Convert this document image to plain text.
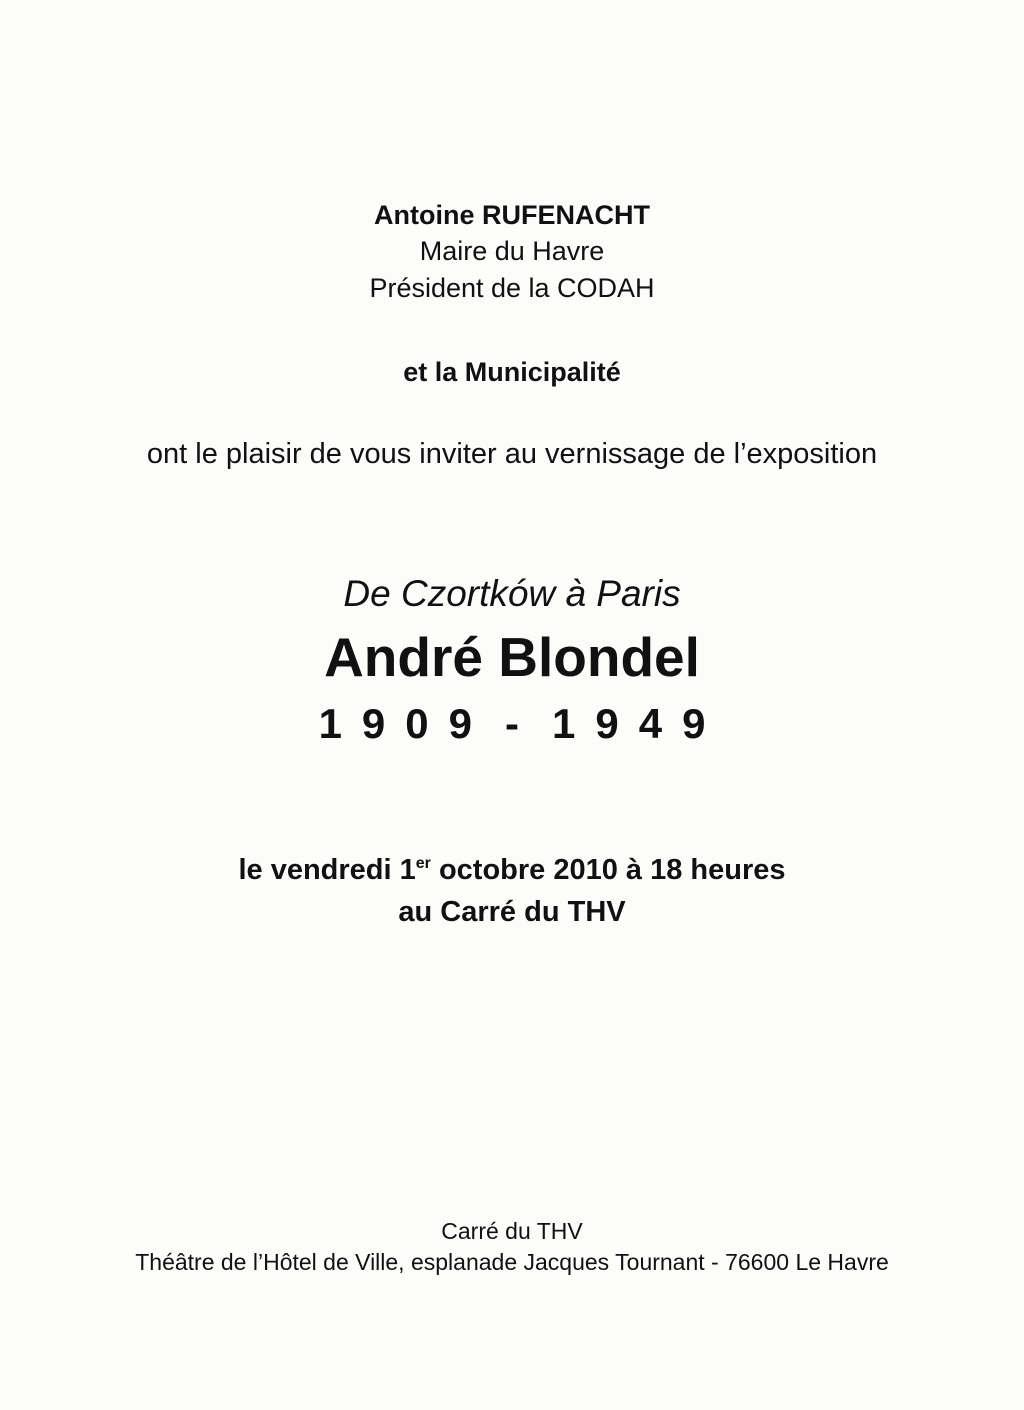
Antoine RUFENACHT
Maire du Havre
Président de la CODAH
et la Municipalité
ont le plaisir de vous inviter au vernissage de l’exposition
De Czortków à Paris
André Blondel
1909 - 1949
le vendredi 1er octobre 2010 à 18 heures
au Carré du THV
Carré du THV
Théâtre de l’Hôtel de Ville, esplanade Jacques Tournant - 76600 Le Havre
